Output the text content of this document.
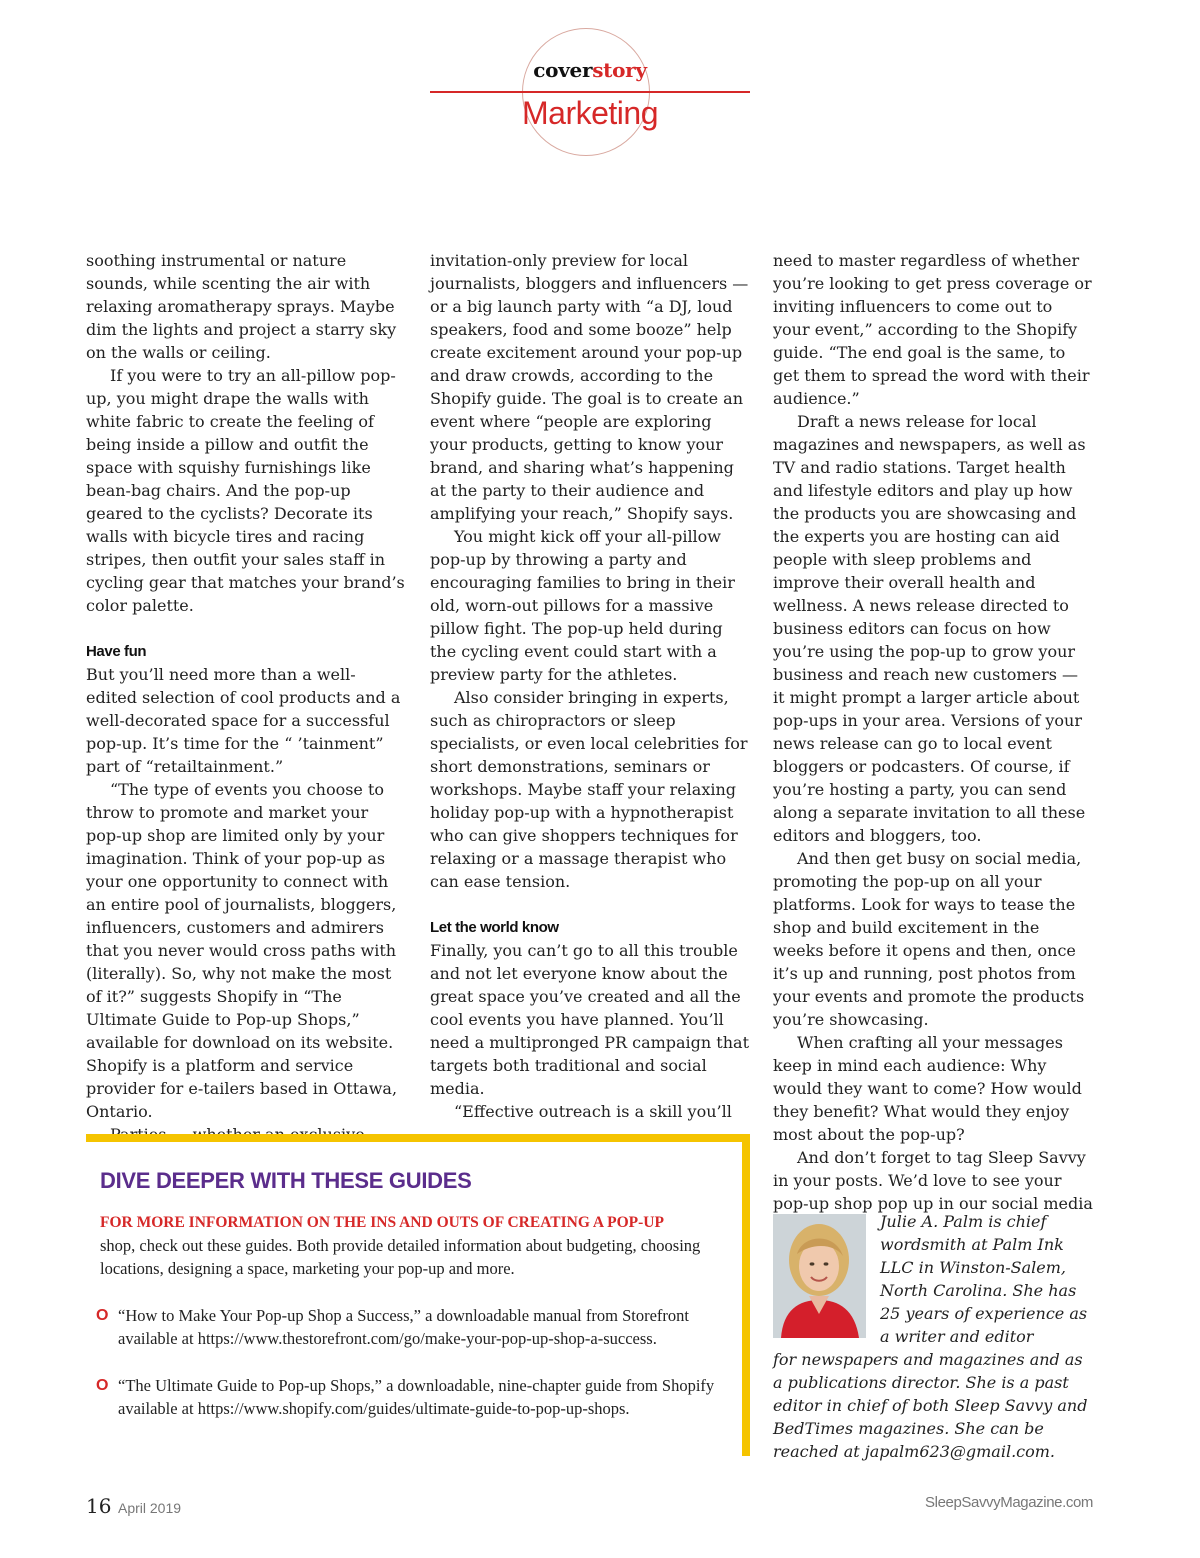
coverstory
Marketing

soothing instrumental or nature sounds, while scenting the air with relaxing aromatherapy sprays. Maybe dim the lights and project a starry sky on the walls or ceiling.

If you were to try an all-pillow pop-up, you might drape the walls with white fabric to create the feeling of being inside a pillow and outfit the space with squishy furnishings like bean-bag chairs. And the pop-up geared to the cyclists? Decorate its walls with bicycle tires and racing stripes, then outfit your sales staff in cycling gear that matches your brand’s color palette.

Have fun

But you’ll need more than a well-edited selection of cool products and a well-decorated space for a successful pop-up. It’s time for the “ ’tainment” part of “retailtainment.”

“The type of events you choose to throw to promote and market your pop-up shop are limited only by your imagination. Think of your pop-up as your one opportunity to connect with an entire pool of journalists, bloggers, influencers, customers and admirers that you never would cross paths with (literally). So, why not make the most of it?” suggests Shopify in “The Ultimate Guide to Pop-up Shops,” available for download on its website. Shopify is a platform and service provider for e-tailers based in Ottawa, Ontario.

invitation-only preview for local journalists, bloggers and influencers — or a big launch party with “a DJ, loud speakers, food and some booze” help create excitement around your pop-up and draw crowds, according to the Shopify guide. The goal is to create an event where “people are exploring your products, getting to know your brand, and sharing what’s happening at the party to their audience and amplifying your reach,” Shopify says.

You might kick off your all-pillow pop-up by throwing a party and encouraging families to bring in their old, worn-out pillows for a massive pillow fight. The pop-up held during the cycling event could start with a preview party for the athletes.

Also consider bringing in experts, such as chiropractors or sleep specialists, or even local celebrities for short demonstrations, seminars or workshops. Maybe staff your relaxing holiday pop-up with a hypnotherapist who can give shoppers techniques for relaxing or a massage therapist who can ease tension.

Let the world know

Finally, you can’t go to all this trouble and not let everyone know about the great space you’ve created and all the cool events you have planned. You’ll need a multipronged PR campaign that targets both traditional and social media.

“Effective outreach is a skill you’ll

need to master regardless of whether you’re looking to get press coverage or inviting influencers to come out to your event,” according to the Shopify guide. “The end goal is the same, to get them to spread the word with their audience.”

Draft a news release for local magazines and newspapers, as well as TV and radio stations. Target health and lifestyle editors and play up how the products you are showcasing and the experts you are hosting can aid people with sleep problems and improve their overall health and wellness. A news release directed to business editors can focus on how you’re using the pop-up to grow your business and reach new customers — it might prompt a larger article about pop-ups in your area. Versions of your news release can go to local event bloggers or podcasters. Of course, if you’re hosting a party, you can send along a separate invitation to all these editors and bloggers, too.

And then get busy on social media, promoting the pop-up on all your platforms. Look for ways to tease the shop and build excitement in the weeks before it opens and then, once it’s up and running, post photos from your events and promote the products you’re showcasing.

When crafting all your messages keep in mind each audience: Why would they want to come? How would they benefit? What would they enjoy most about the pop-up?

And don’t forget to tag Sleep Savvy in your posts. We’d love to see your pop-up shop pop up in our social media

DIVE DEEPER WITH THESE GUIDES
FOR MORE INFORMATION ON THE INS AND OUTS OF CREATING A POP-UP
shop, check out these guides. Both provide detailed information about budgeting, choosing locations, designing a space, marketing your pop-up and more.
O “How to Make Your Pop-up Shop a Success,” a downloadable manual from Storefront available at https://www.thestorefront.com/go/make-your-pop-up-shop-a-success.
O “The Ultimate Guide to Pop-up Shops,” a downloadable, nine-chapter guide from Shopify available at https://www.shopify.com/guides/ultimate-guide-to-pop-up-shops.
Julie A. Palm is chief wordsmith at Palm Ink LLC in Winston-Salem, North Carolina. She has 25 years of experience as a writer and editor
for newspapers and magazines and as a publications director. She is a past editor in chief of both Sleep Savvy and BedTimes magazines. She can be reached at japalm623@gmail.com.
16 April 2019	SleepSavvyMagazine.com
